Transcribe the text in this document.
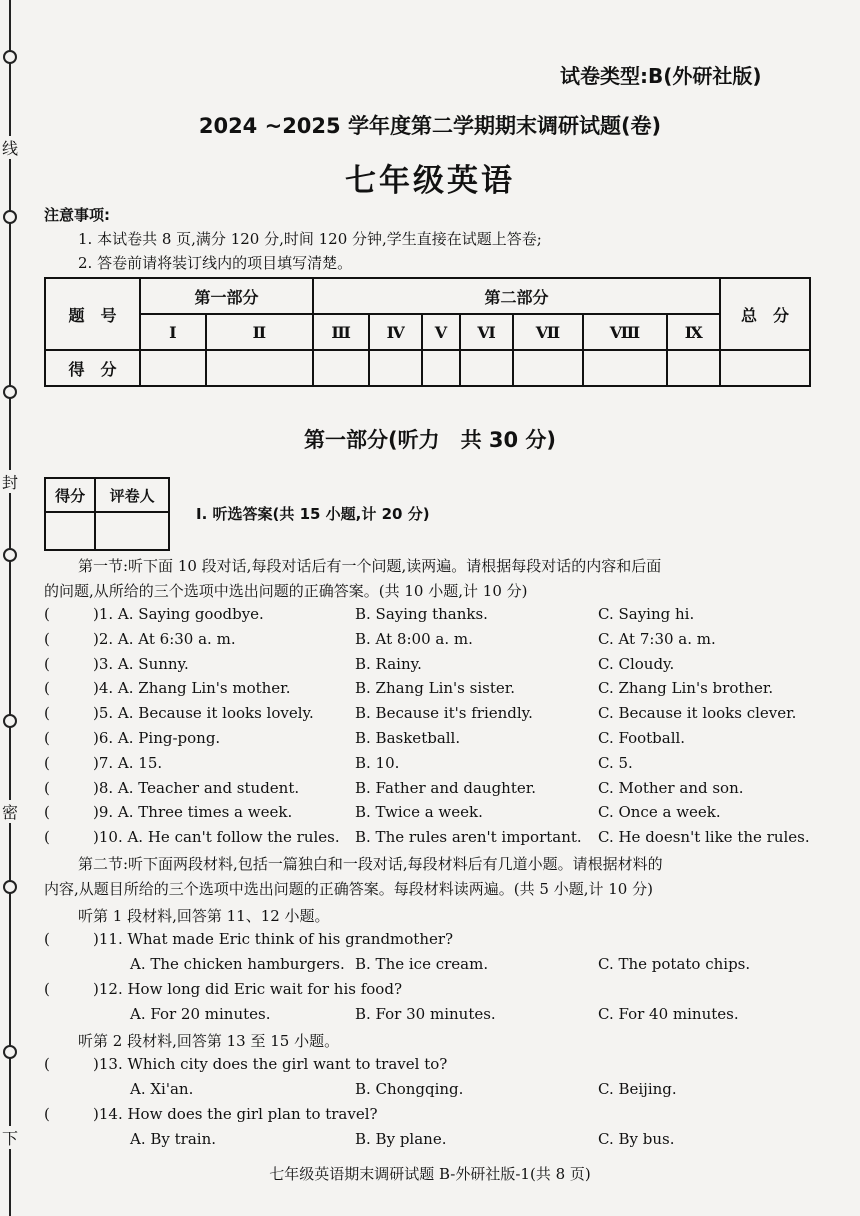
线
封
密
下
试卷类型:B(外研社版)
2024 ~2025 学年度第二学期期末调研试题(卷)
七年级英语
注意事项:
1. 本试卷共 8 页,满分 120 分,时间 120 分钟,学生直接在试题上答卷;
2. 答卷前请将装订线内的项目填写清楚。
题　号	第一部分		第二部分							总　分
	Ⅰ	Ⅱ	Ⅲ	Ⅳ	Ⅴ	Ⅵ	Ⅶ	Ⅷ	Ⅸ	
得　分										
第一部分(听力　共 30 分)
得分	评卷人

Ⅰ. 听选答案(共 15 小题,计 20 分)
第一节:听下面 10 段对话,每段对话后有一个问题,读两遍。请根据每段对话的内容和后面
的问题,从所给的三个选项中选出问题的正确答案。(共 10 小题,计 10 分)
(	)1. A. Saying goodbye.	B. Saying thanks.	C. Saying hi.
(	)2. A. At 6:30 a. m.	B. At 8:00 a. m.	C. At 7:30 a. m.
(	)3. A. Sunny.	B. Rainy.	C. Cloudy.
(	)4. A. Zhang Lin's mother.	B. Zhang Lin's sister.	C. Zhang Lin's brother.
(	)5. A. Because it looks lovely.	B. Because it's friendly.	C. Because it looks clever.
(	)6. A. Ping-pong.	B. Basketball.	C. Football.
(	)7. A. 15.	B. 10.	C. 5.
(	)8. A. Teacher and student.	B. Father and daughter.	C. Mother and son.
(	)9. A. Three times a week.	B. Twice a week.	C. Once a week.
(	)10. A. He can't follow the rules. B. The rules aren't important. C. He doesn't like the rules.
第二节:听下面两段材料,包括一篇独白和一段对话,每段材料后有几道小题。请根据材料的
内容,从题目所给的三个选项中选出问题的正确答案。每段材料读两遍。(共 5 小题,计 10 分)
听第 1 段材料,回答第 11、12 小题。
(	)11. What made Eric think of his grandmother?
A. The chicken hamburgers. B. The ice cream.	C. The potato chips.
(	)12. How long did Eric wait for his food?
A. For 20 minutes.	B. For 30 minutes.	C. For 40 minutes.
听第 2 段材料,回答第 13 至 15 小题。
(	)13. Which city does the girl want to travel to?
A. Xi'an.	B. Chongqing.	C. Beijing.
(	)14. How does the girl plan to travel?
A. By train.	B. By plane.	C. By bus.
七年级英语期末调研试题 B-外研社版-1(共 8 页)
